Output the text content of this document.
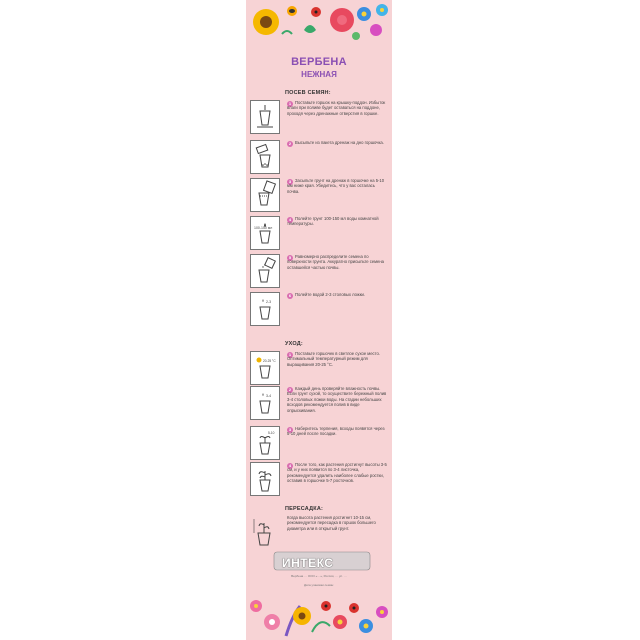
ВЕРБЕНА
НЕЖНАЯ
ПОСЕВ СЕМЯН:
1 Поставьте горшок на крышку-поддон. Избыток влаги при поливе будет оставаться на поддоне, проходя через дренажные отверстия в горшке.
2 Высыпьте из пакета дренаж на дно горшочка.
3 Засыпьте грунт на дренаж в горшочке на 5-10 мм ниже края. Убедитесь, что у вас осталась почва.
100-150 мл
4 Полейте грунт 100-150 мл воды комнатной температуры.
5 Равномерно распределите семена по поверхности грунта. Аккуратно присыпьте семена оставшейся частью почвы.
2-3
6 Полейте водой 2-3 столовых ложки.
УХОД:
20-25 °С
1 Поставьте горшочек в светлое сухое место. Оптимальный температурный режим для выращивания 20-25 °С.
3-4
2 Каждый день проверяйте влажность почвы. Если грунт сухой, то осуществите бережный полив 3-4 столовых ложки воды. На стадии небольших всходов рекомендуется полив в виде опрыскивания.
5-10
3 Наберитесь терпения, всходы появятся через 5-10 дней после посадки.
4 После того, как растения достигнут высоты 3-5 см, и у них появится по 3-4 листочка, рекомендуется удалить наиболее слабые ростки, оставив в горшочке 5-7 росточков.
ПЕРЕСАДКА:
Когда высота растения достигнет 10-15 см, рекомендуется пересадка в горшок большего диаметра или в открытый грунт.
ИНТЕКС
Вербена … ООО «…», Россия, … ул. …
Дата упаковки семян:
